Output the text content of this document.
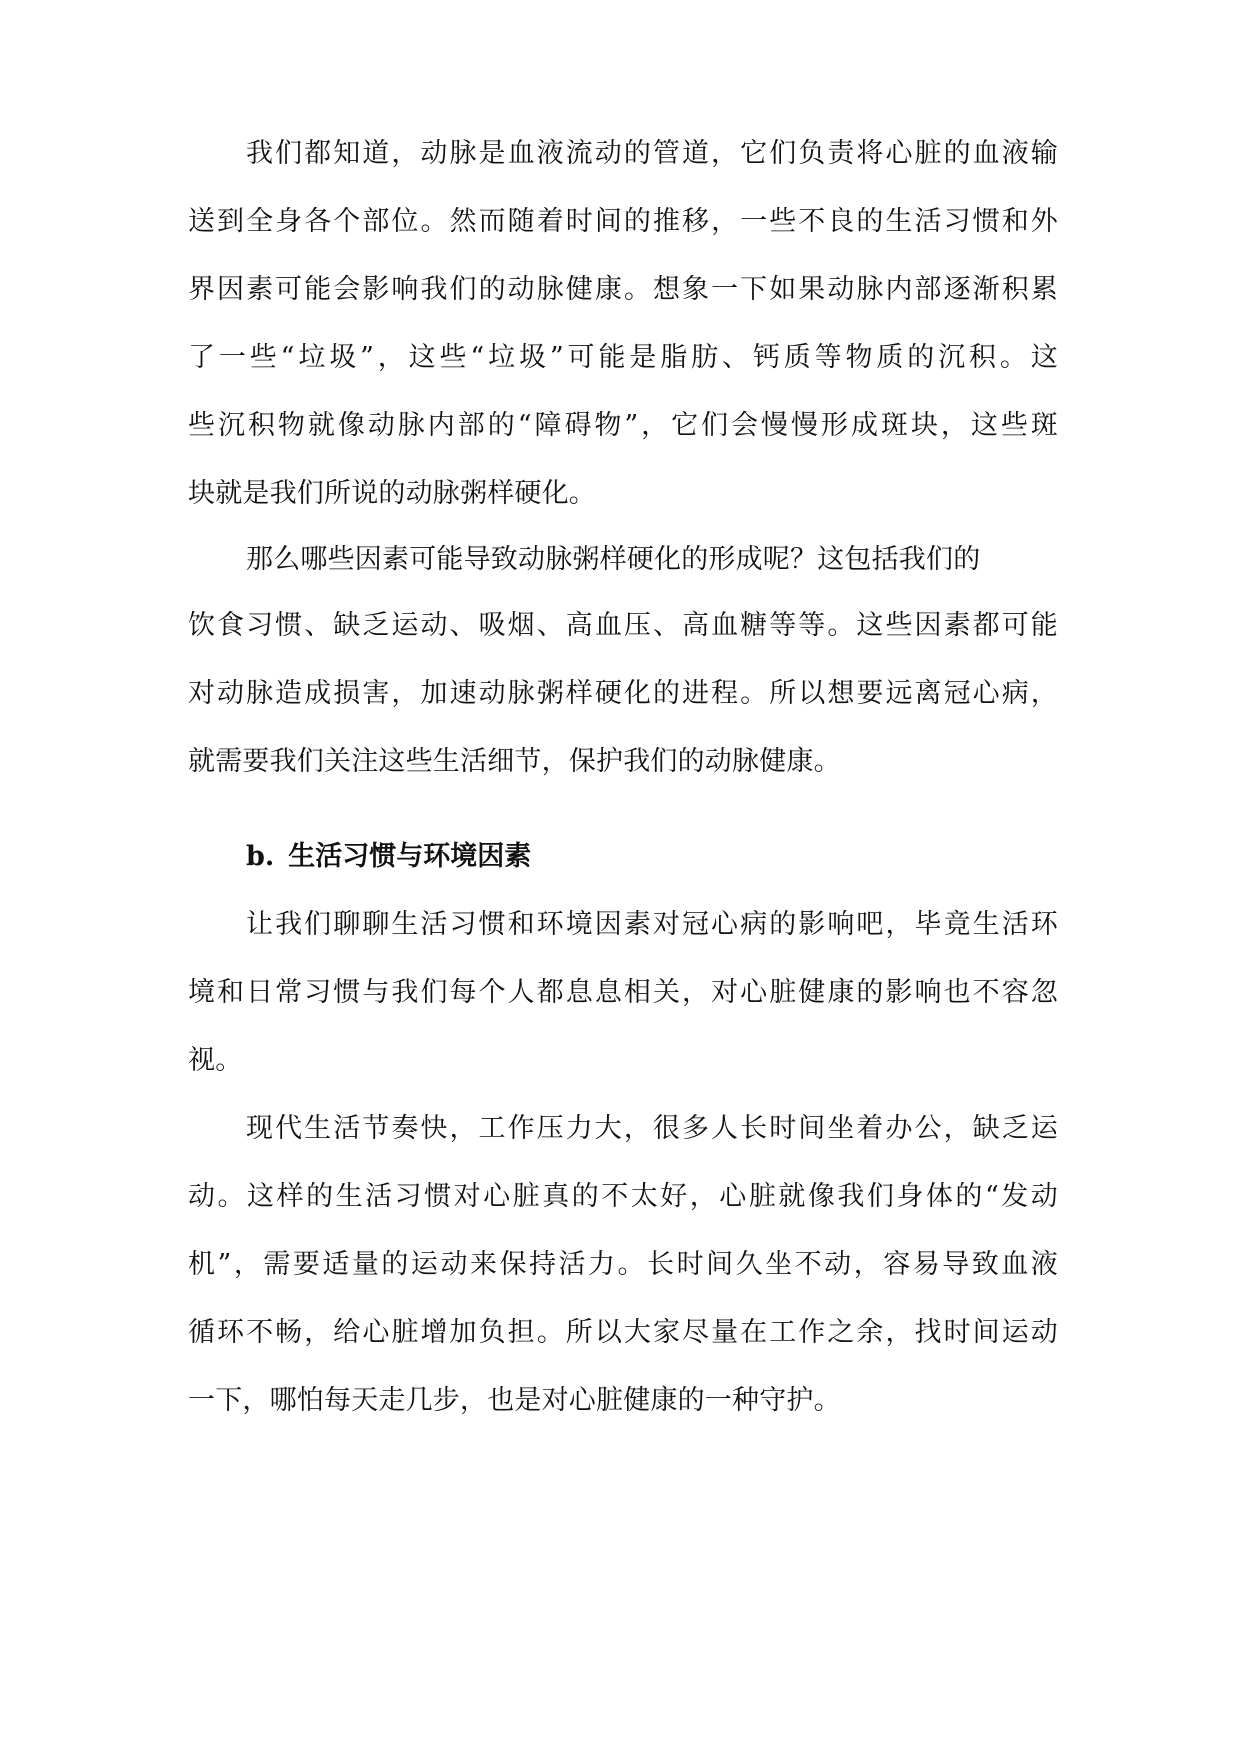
我们都知道，动脉是血液流动的管道，它们负责将心脏的血液输
送到全身各个部位。然而随着时间的推移，一些不良的生活习惯和外
界因素可能会影响我们的动脉健康。想象一下如果动脉内部逐渐积累
了一些“垃圾”，这些“垃圾”可能是脂肪、钙质等物质的沉积。这
些沉积物就像动脉内部的“障碍物”，它们会慢慢形成斑块，这些斑
块就是我们所说的动脉粥样硬化。
那么哪些因素可能导致动脉粥样硬化的形成呢？这包括我们的
饮食习惯、缺乏运动、吸烟、高血压、高血糖等等。这些因素都可能
对动脉造成损害，加速动脉粥样硬化的进程。所以想要远离冠心病，
就需要我们关注这些生活细节，保护我们的动脉健康。
b. 生活习惯与环境因素
让我们聊聊生活习惯和环境因素对冠心病的影响吧，毕竟生活环
境和日常习惯与我们每个人都息息相关，对心脏健康的影响也不容忽
视。
现代生活节奏快，工作压力大，很多人长时间坐着办公，缺乏运
动。这样的生活习惯对心脏真的不太好，心脏就像我们身体的“发动
机”，需要适量的运动来保持活力。长时间久坐不动，容易导致血液
循环不畅，给心脏增加负担。所以大家尽量在工作之余，找时间运动
一下，哪怕每天走几步，也是对心脏健康的一种守护。
